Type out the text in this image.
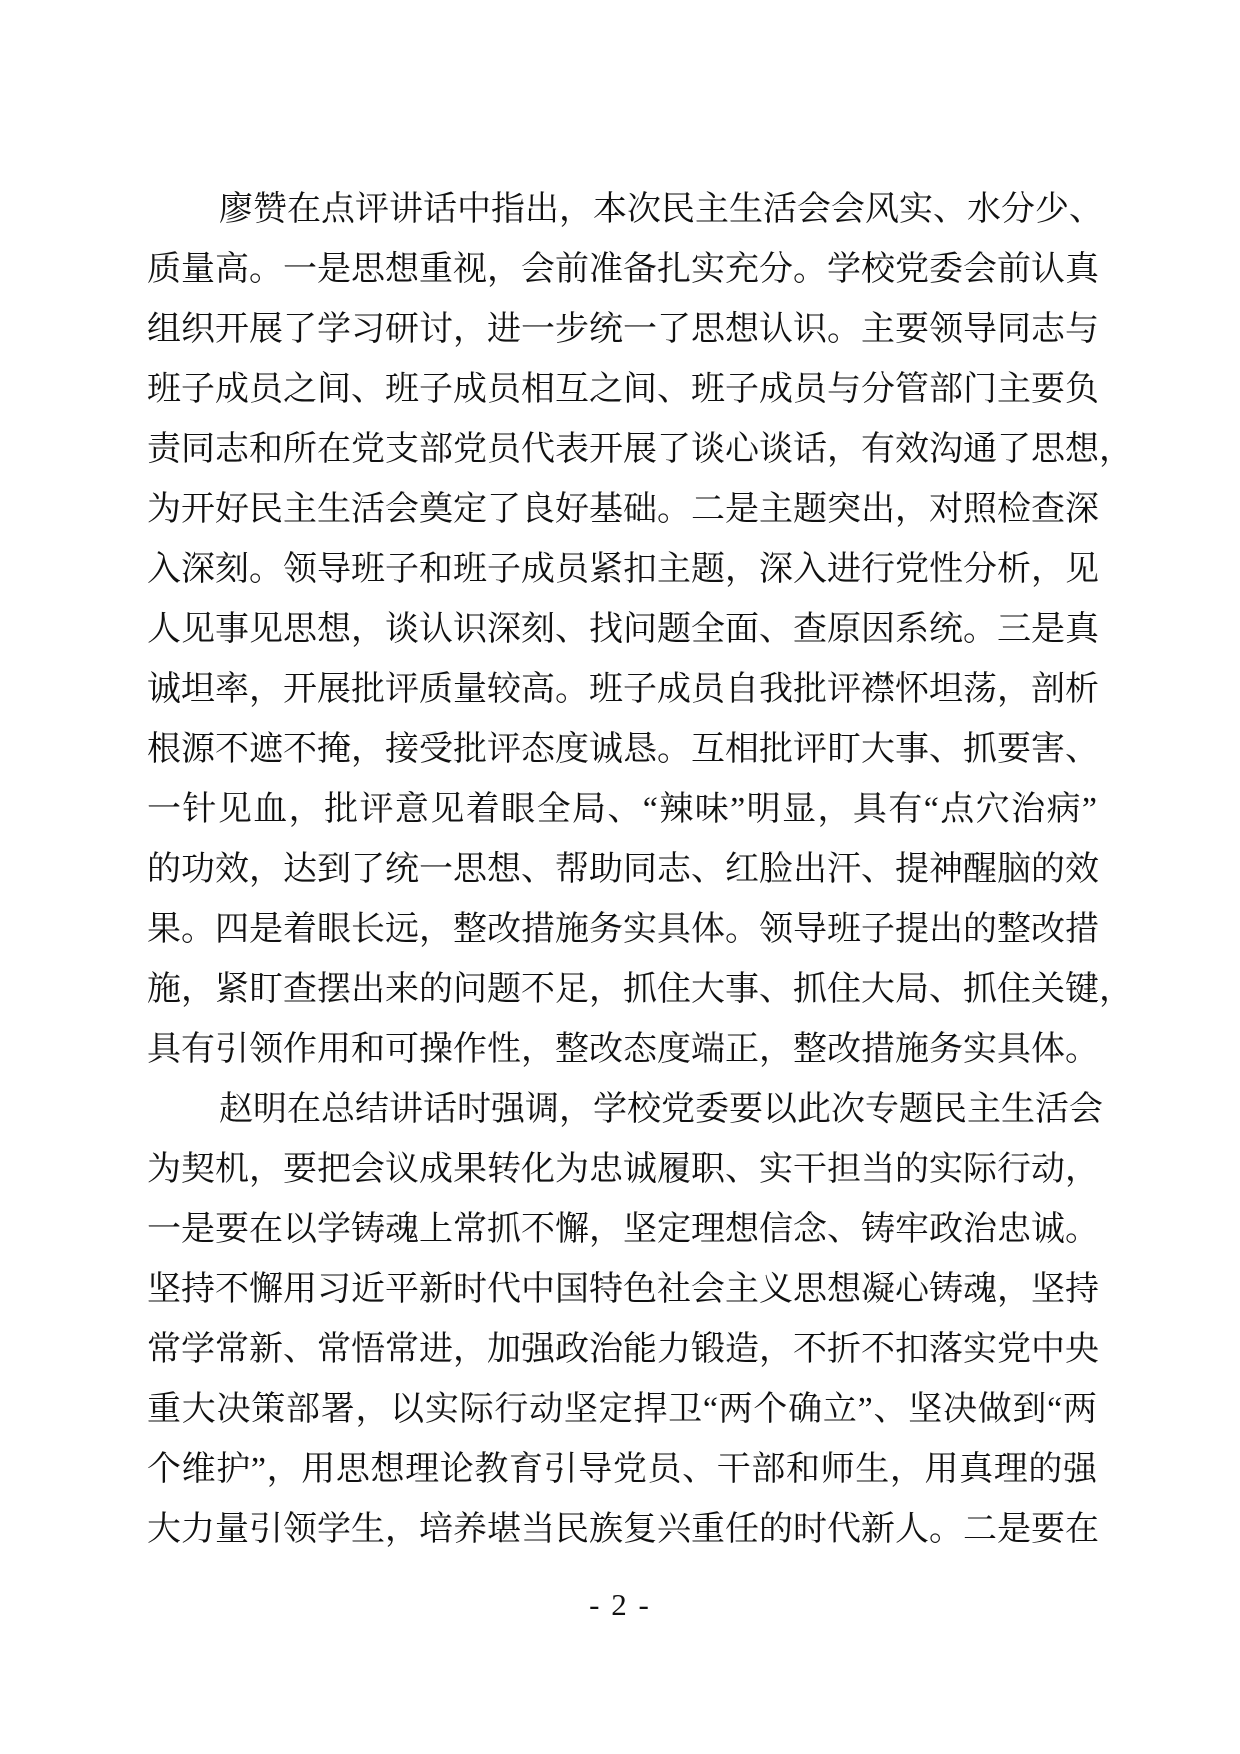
廖赞在点评讲话中指出，本次民主生活会会风实、水分少、
质量高。一是思想重视，会前准备扎实充分。学校党委会前认真
组织开展了学习研讨，进一步统一了思想认识。主要领导同志与
班子成员之间、班子成员相互之间、班子成员与分管部门主要负
责同志和所在党支部党员代表开展了谈心谈话，有效沟通了思想，
为开好民主生活会奠定了良好基础。二是主题突出，对照检查深
入深刻。领导班子和班子成员紧扣主题，深入进行党性分析，见
人见事见思想，谈认识深刻、找问题全面、查原因系统。三是真
诚坦率，开展批评质量较高。班子成员自我批评襟怀坦荡，剖析
根源不遮不掩，接受批评态度诚恳。互相批评盯大事、抓要害、
一针见血，批评意见着眼全局、“辣味”明显，具有“点穴治病”
的功效，达到了统一思想、帮助同志、红脸出汗、提神醒脑的效
果。四是着眼长远，整改措施务实具体。领导班子提出的整改措
施，紧盯查摆出来的问题不足，抓住大事、抓住大局、抓住关键，
具有引领作用和可操作性，整改态度端正，整改措施务实具体。
赵明在总结讲话时强调，学校党委要以此次专题民主生活会
为契机，要把会议成果转化为忠诚履职、实干担当的实际行动，
一是要在以学铸魂上常抓不懈，坚定理想信念、铸牢政治忠诚。
坚持不懈用习近平新时代中国特色社会主义思想凝心铸魂，坚持
常学常新、常悟常进，加强政治能力锻造，不折不扣落实党中央
重大决策部署，以实际行动坚定捍卫“两个确立”、坚决做到“两
个维护”，用思想理论教育引导党员、干部和师生，用真理的强
大力量引领学生，培养堪当民族复兴重任的时代新人。二是要在
- 2 -
